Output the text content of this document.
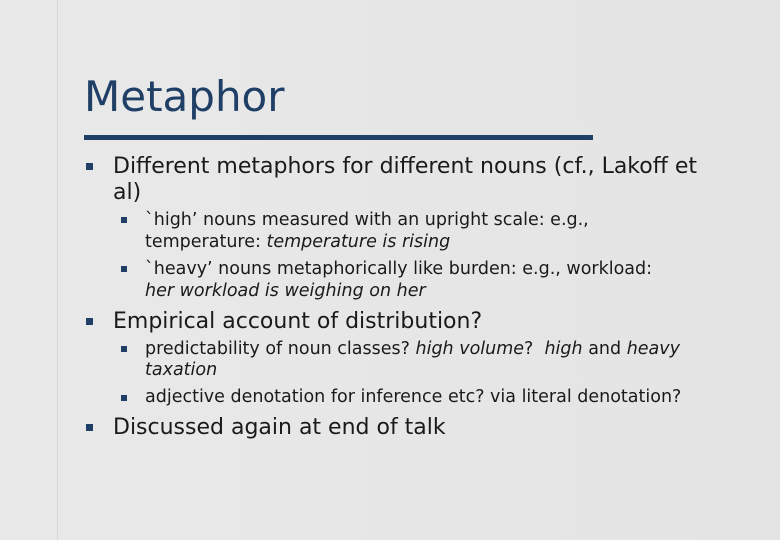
Metaphor
Different metaphors for different nouns (cf., Lakoff et
al)
`high’ nouns measured with an upright scale: e.g.,
temperature: temperature is rising
`heavy’ nouns metaphorically like burden: e.g., workload:
her workload is weighing on her
Empirical account of distribution?
predictability of noun classes? high volume?  high and heavy
taxation
adjective denotation for inference etc? via literal denotation?
Discussed again at end of talk
